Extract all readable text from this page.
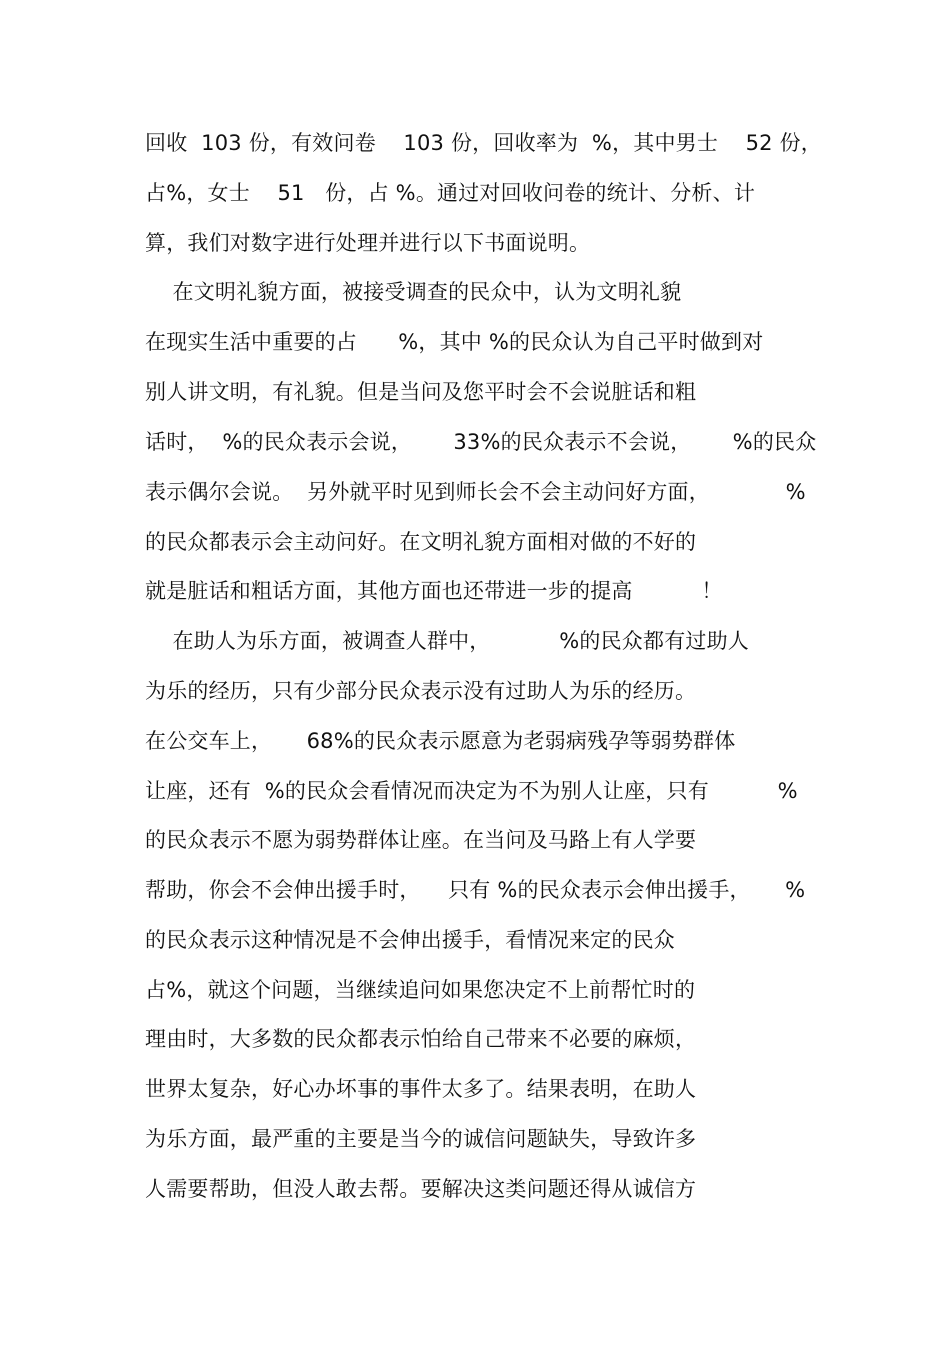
回收  103 份，有效问卷    103 份，回收率为  %，其中男士    52 份，
占%，女士    51   份，占 %。通过对回收问卷的统计、分析、计
算，我们对数字进行处理并进行以下书面说明。
在文明礼貌方面，被接受调查的民众中，认为文明礼貌
在现实生活中重要的占      %，其中 %的民众认为自己平时做到对
别人讲文明，有礼貌。但是当问及您平时会不会说脏话和粗
话时，  %的民众表示会说，      33%的民众表示不会说，      %的民众
表示偶尔会说。  另外就平时见到师长会不会主动问好方面，           %
的民众都表示会主动问好。在文明礼貌方面相对做的不好的
就是脏话和粗话方面，其他方面也还带进一步的提高          ！
在助人为乐方面，被调查人群中，          %的民众都有过助人
为乐的经历，只有少部分民众表示没有过助人为乐的经历。
在公交车上，     68%的民众表示愿意为老弱病残孕等弱势群体
让座，还有  %的民众会看情况而决定为不为别人让座，只有          %
的民众表示不愿为弱势群体让座。在当问及马路上有人学要
帮助，你会不会伸出援手时，    只有 %的民众表示会伸出援手，     %
的民众表示这种情况是不会伸出援手，看情况来定的民众
占%，就这个问题，当继续追问如果您决定不上前帮忙时的
理由时，大多数的民众都表示怕给自己带来不必要的麻烦，
世界太复杂，好心办坏事的事件太多了。结果表明，在助人
为乐方面，最严重的主要是当今的诚信问题缺失，导致许多
人需要帮助，但没人敢去帮。要解决这类问题还得从诚信方
